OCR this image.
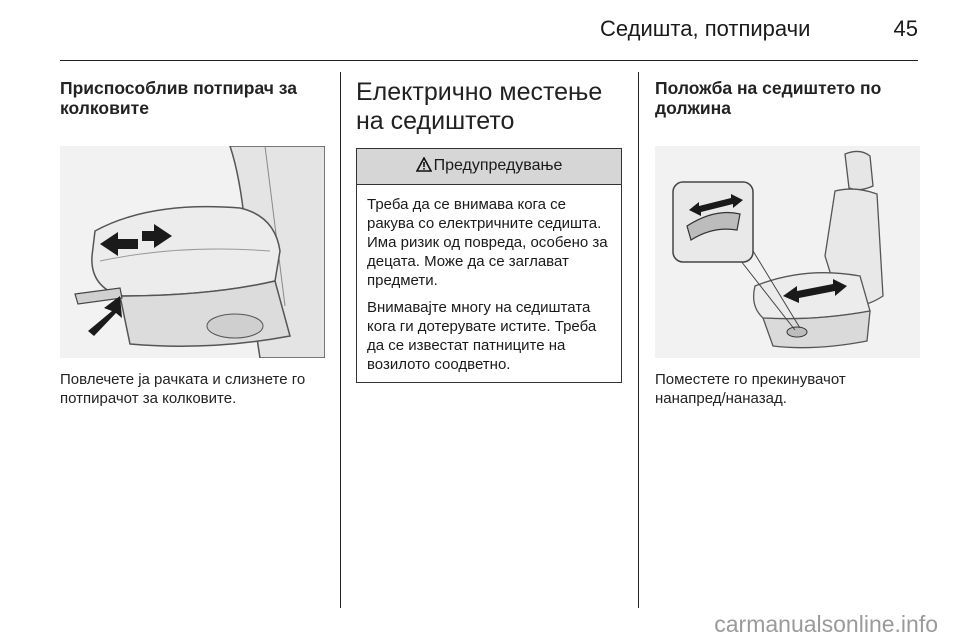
Седишта, потпирачи	45
Приспособлив потпирач за колковите
Повлечете ја рачката и слизнете го потпирачот за колковите.
Електрично местење на седиштето
Предупредување

Треба да се внимава кога се ракува со електричните седишта. Има ризик од повреда, особено за децата. Може да се заглават предмети.

Внимавајте многу на седиштата кога ги дотерувате истите. Треба да се известат патниците на возилото соодветно.

Положба на седиштето по должина
Поместете го прекинувачот нанапред/наназад.
carmanualsonline.info
